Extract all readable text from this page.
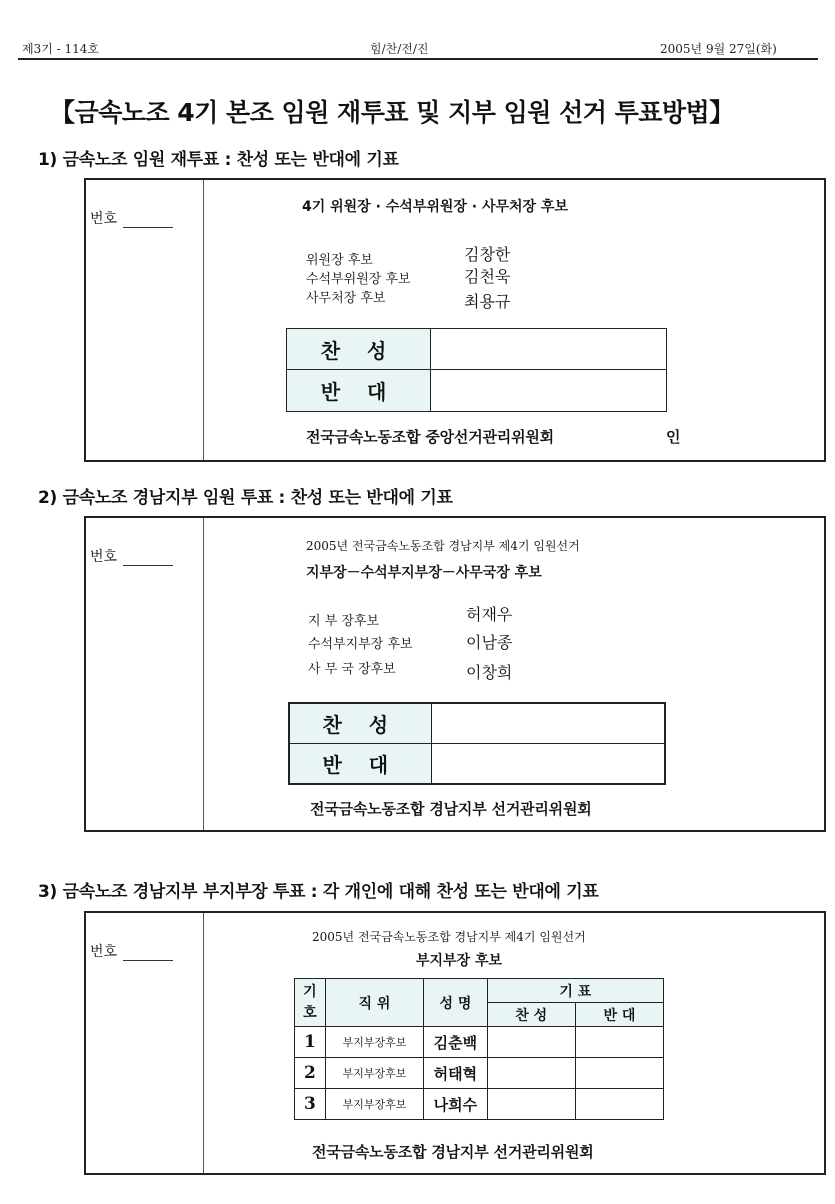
제3기 - 114호	힘/찬/전/진	2005년 9월 27일(화)
【금속노조 4기 본조 임원 재투표 및 지부 임원 선거 투표방법】
1) 금속노조 임원 재투표 : 찬성 또는 반대에 기표
번호
4기 위원장 · 수석부위원장 · 사무처장 후보
위원장 후보	김창한
수석부위원장 후보	김천욱
사무처장 후보	최용규
찬 성	
반 대	
전국금속노동조합 중앙선거관리위원회	인
2) 금속노조 경남지부 임원 투표 : 찬성 또는 반대에 기표
번호
2005년 전국금속노동조합 경남지부 제4기 임원선거
지부장－수석부지부장－사무국장 후보
지 부 장후보	허재우
수석부지부장 후보	이남종
사 무 국 장후보	이창희
찬 성	
반 대	
전국금속노동조합 경남지부 선거관리위원회
3) 금속노조 경남지부 부지부장 투표 : 각 개인에 대해 찬성 또는 반대에 기표
번호
2005년 전국금속노동조합 경남지부 제4기 임원선거
부지부장 후보
전국금속노동조합 경남지부 선거관리위원회
기
호	직 위	성 명	기 표	
			찬 성	반 대
1	부지부장후보	김춘백		
2	부지부장후보	허태혁		
3	부지부장후보	나희수		
